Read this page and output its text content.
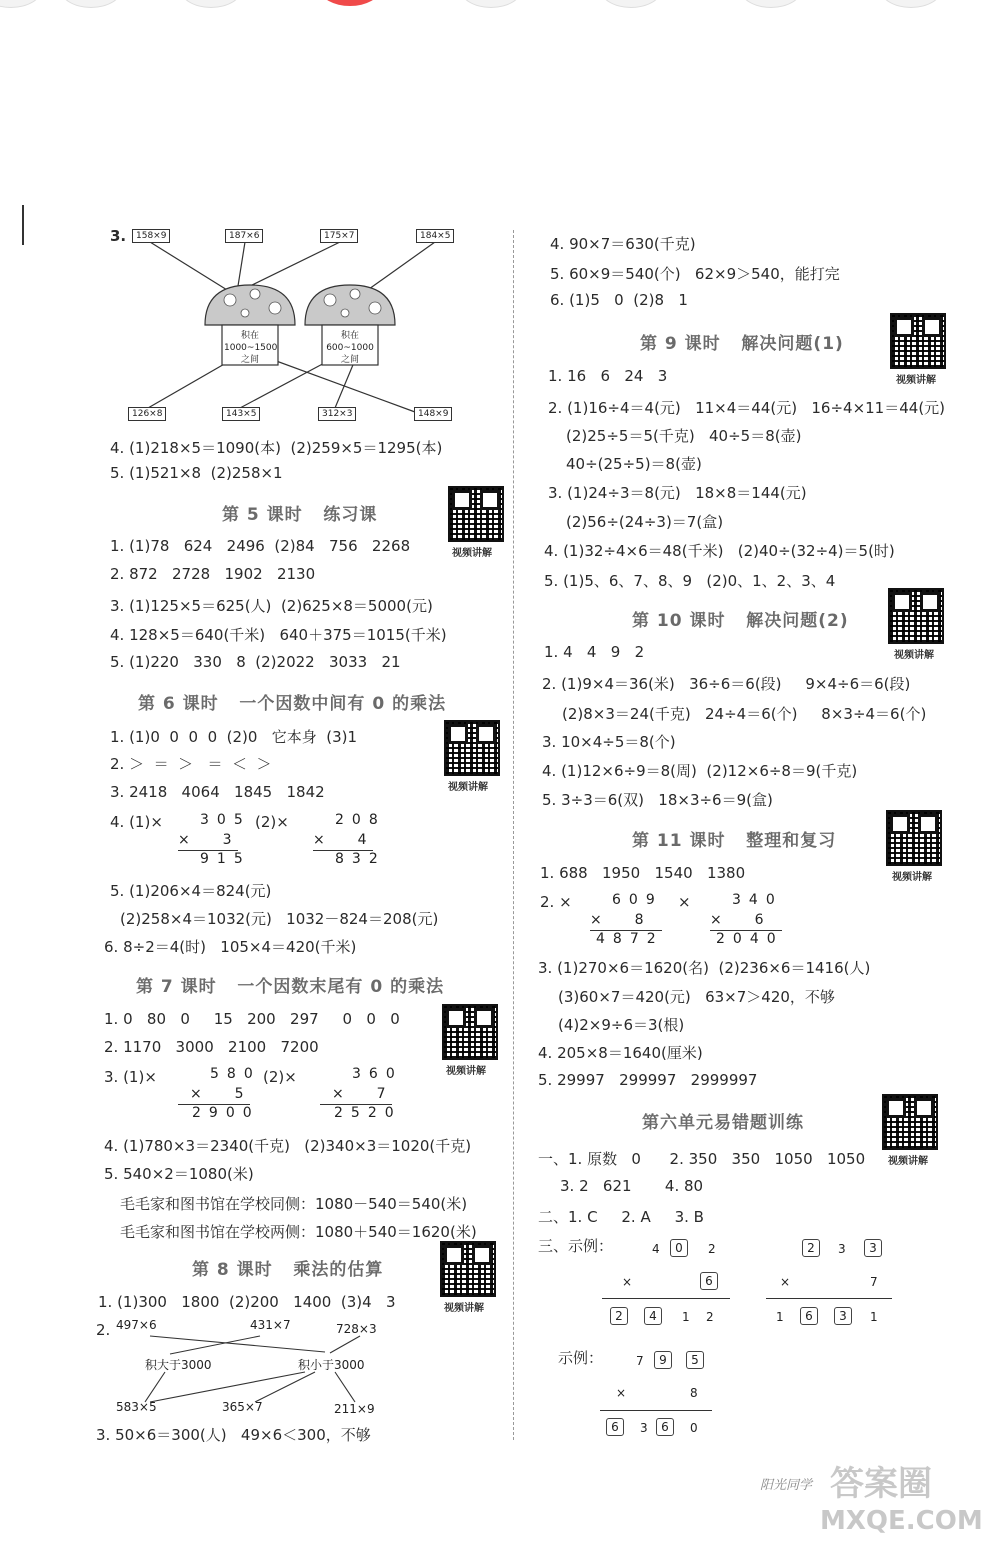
3.	158×9	187×6	175×7	184×5
积在1000~1500之间
积在600~1000之间
126×8	143×5	312×3	148×9
4. (1)218×5＝1090(本)  (2)259×5＝1295(本)
5. (1)521×8  (2)258×1
第 5 课时   练习课
视频讲解
1. (1)78   624   2496  (2)84   756   2268
2. 872   2728   1902   2130
3. (1)125×5＝625(人)  (2)625×8＝5000(元)
4. 128×5＝640(千米)   640＋375＝1015(千米)
5. (1)220   330   8  (2)2022   3033   21
第 6 课时   一个因数中间有 0 的乘法
视频讲解
1. (1)0  0  0  0  (2)0   它本身  (3)1
2. ＞  ＝  ＞   ＝  ＜  ＞
3. 2418   4064   1845   1842
4. (1)×	305
×  3
915
(2)×	208
×  4
832
5. (1)206×4＝824(元)
(2)258×4＝1032(元)   1032－824＝208(元)
6. 8÷2＝4(时)   105×4＝420(千米)
第 7 课时   一个因数末尾有 0 的乘法
视频讲解
1. 0   80   0     15   200   297     0   0   0
2. 1170   3000   2100   7200
3. (1)×	580
×  5
2900
(2)×	360
×  7
2520
4. (1)780×3＝2340(千克)   (2)340×3＝1020(千克)
5. 540×2＝1080(米)
毛毛家和图书馆在学校同侧：1080－540＝540(米)
毛毛家和图书馆在学校两侧：1080＋540＝1620(米)
第 8 课时   乘法的估算
视频讲解
1. (1)300   1800  (2)200   1400  (3)4   3
2. 497×6	431×7	728×3
积大于3000	积小于3000
583×5	365×7	211×9
3. 50×6＝300(人)   49×6＜300，不够
4. 90×7＝630(千克)
5. 60×9＝540(个)   62×9＞540，能打完
6. (1)5   0  (2)8   1
第 9 课时   解决问题(1)
视频讲解
1. 16   6   24   3
2. (1)16÷4＝4(元)   11×4＝44(元)   16÷4×11＝44(元)
(2)25÷5＝5(千克)   40÷5＝8(壶)
40÷(25÷5)＝8(壶)
3. (1)24÷3＝8(元)   18×8＝144(元)
(2)56÷(24÷3)＝7(盒)
4. (1)32÷4×6＝48(千米)   (2)40÷(32÷4)＝5(时)
5. (1)5、6、7、8、9   (2)0、1、2、3、4
第 10 课时   解决问题(2)
视频讲解
1. 4   4   9   2
2. (1)9×4＝36(米)   36÷6＝6(段)     9×4÷6＝6(段)
(2)8×3＝24(千克)   24÷4＝6(个)     8×3÷4＝6(个)
3. 10×4÷5＝8(个)
4. (1)12×6÷9＝8(周)  (2)12×6÷8＝9(千克)
5. 3÷3＝6(双)   18×3÷6＝9(盒)
第 11 课时   整理和复习
视频讲解
1. 688   1950   1540   1380
2. ×	609
×  8
4872
×	340
×  6
2040
3. (1)270×6＝1620(名)  (2)236×6＝1416(人)
(3)60×7＝420(元)   63×7＞420，不够
(4)2×9÷6＝3(根)
4. 205×8＝1640(厘米)
5. 29997   299997   2999997
第六单元易错题训练
视频讲解
一、1. 原数   0      2. 350   350   1050   1050
3. 2   621       4. 80
二、1. C     2. A     3. B
三、示例：	4	0	2
×	6
2	4	1 2
2	3	3
×	7
1	6	3	1
示例：	7	9	5
×	8
6	3	6	0
阳光同学 答案圈
MXQE.COM
